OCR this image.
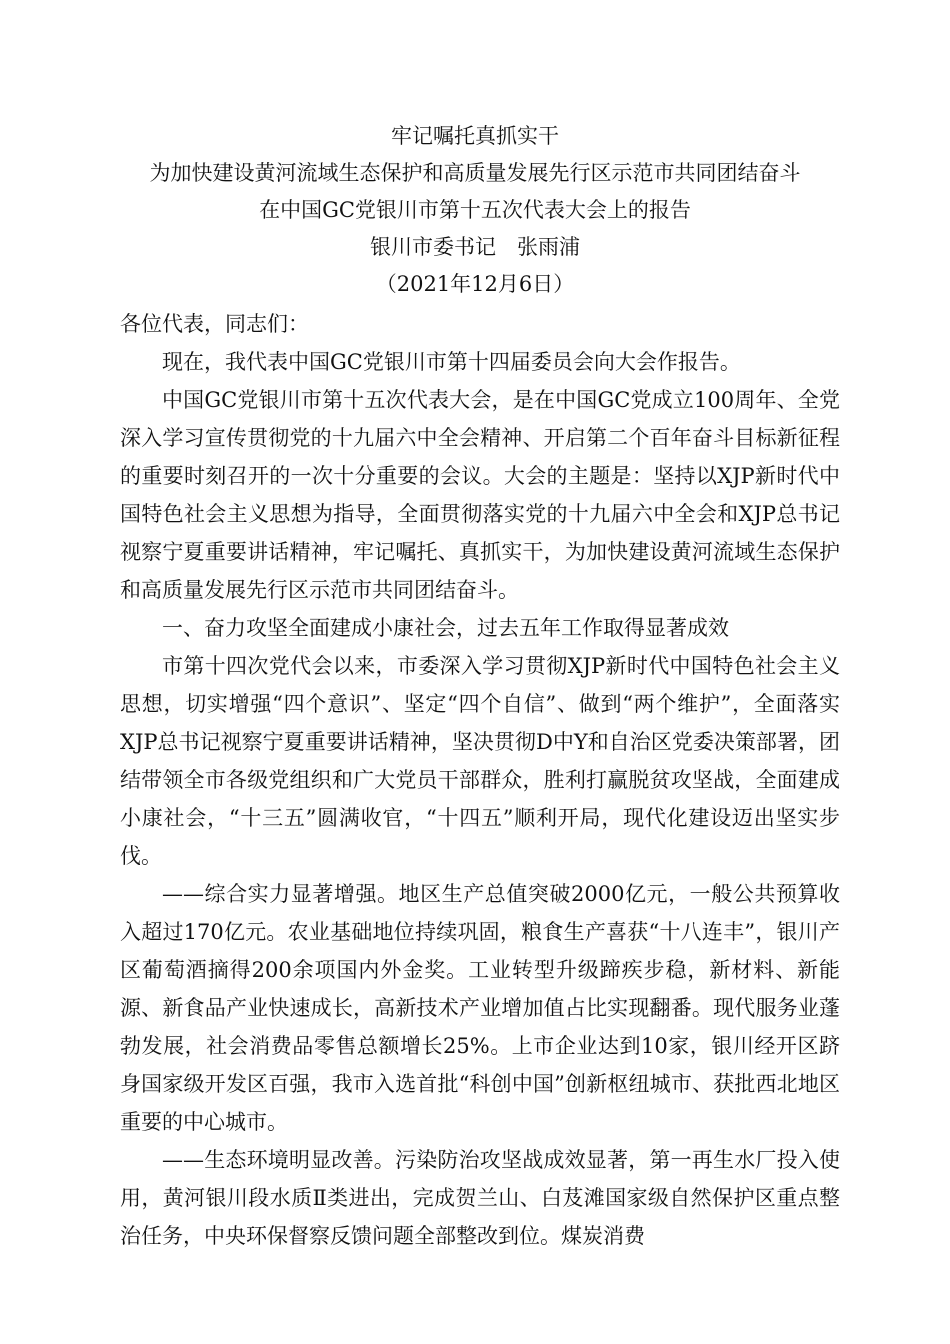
牢记嘱托真抓实干
为加快建设黄河流域生态保护和高质量发展先行区示范市共同团结奋斗
在中国GC党银川市第十五次代表大会上的报告
银川市委书记　张雨浦
（2021年12月6日）

各位代表，同志们：

现在，我代表中国GC党银川市第十四届委员会向大会作报告。

中国GC党银川市第十五次代表大会，是在中国GC党成立100周年、全党深入学习宣传贯彻党的十九届六中全会精神、开启第二个百年奋斗目标新征程的重要时刻召开的一次十分重要的会议。大会的主题是：坚持以XJP新时代中国特色社会主义思想为指导，全面贯彻落实党的十九届六中全会和XJP总书记视察宁夏重要讲话精神，牢记嘱托、真抓实干，为加快建设黄河流域生态保护和高质量发展先行区示范市共同团结奋斗。

一、奋力攻坚全面建成小康社会，过去五年工作取得显著成效

市第十四次党代会以来，市委深入学习贯彻XJP新时代中国特色社会主义思想，切实增强“四个意识”、坚定“四个自信”、做到“两个维护”，全面落实XJP总书记视察宁夏重要讲话精神，坚决贯彻D中Y和自治区党委决策部署，团结带领全市各级党组织和广大党员干部群众，胜利打赢脱贫攻坚战，全面建成小康社会，“十三五”圆满收官，“十四五”顺利开局，现代化建设迈出坚实步伐。

——综合实力显著增强。地区生产总值突破2000亿元，一般公共预算收入超过170亿元。农业基础地位持续巩固，粮食生产喜获“十八连丰”，银川产区葡萄酒摘得200余项国内外金奖。工业转型升级蹄疾步稳，新材料、新能源、新食品产业快速成长，高新技术产业增加值占比实现翻番。现代服务业蓬勃发展，社会消费品零售总额增长25%。上市企业达到10家，银川经开区跻身国家级开发区百强，我市入选首批“科创中国”创新枢纽城市、获批西北地区重要的中心城市。

——生态环境明显改善。污染防治攻坚战成效显著，第一再生水厂投入使用，黄河银川段水质Ⅱ类进出，完成贺兰山、白芨滩国家级自然保护区重点整治任务，中央环保督察反馈问题全部整改到位。煤炭消费
